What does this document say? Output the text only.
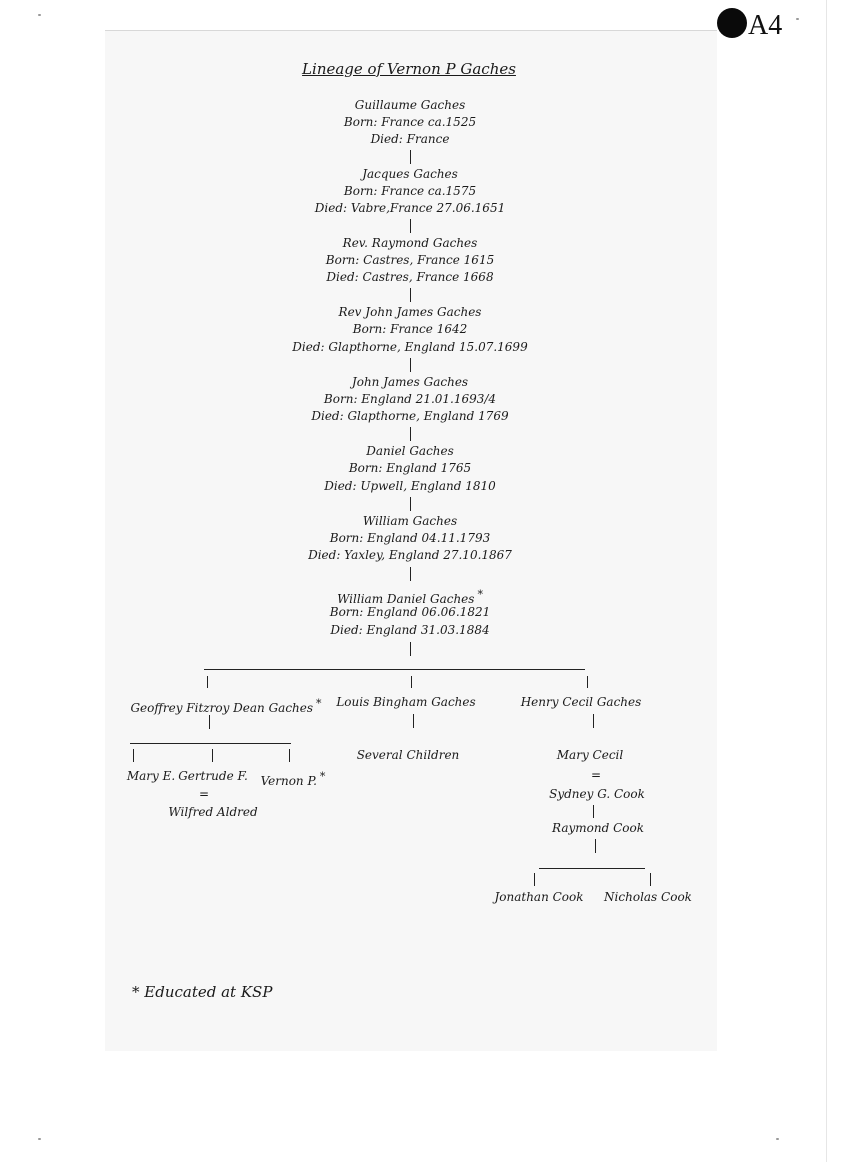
A4
Lineage of Vernon P Gaches
Guillaume Gaches
Born: France ca.1525
Died: France
Jacques Gaches
Born: France ca.1575
Died: Vabre,France 27.06.1651
Rev. Raymond Gaches
Born: Castres, France 1615
Died: Castres, France 1668
Rev John James Gaches
Born: France 1642
Died: Glapthorne, England 15.07.1699
John James Gaches
Born: England 21.01.1693/4
Died: Glapthorne, England 1769
Daniel Gaches
Born: England 1765
Died: Upwell, England 1810
William Gaches
Born: England 04.11.1793
Died: Yaxley, England 27.10.1867
William Daniel Gaches *
Born: England 06.06.1821
Died: England 31.03.1884
Geoffrey Fitzroy Dean Gaches *
Mary E. Gertrude F. Vernon P. *
=
Wilfred Aldred
Louis Bingham Gaches
Several Children
Henry Cecil Gaches
Mary Cecil
=
Sydney G. Cook
Raymond Cook
Jonathan Cook Nicholas Cook
* Educated at KSP
